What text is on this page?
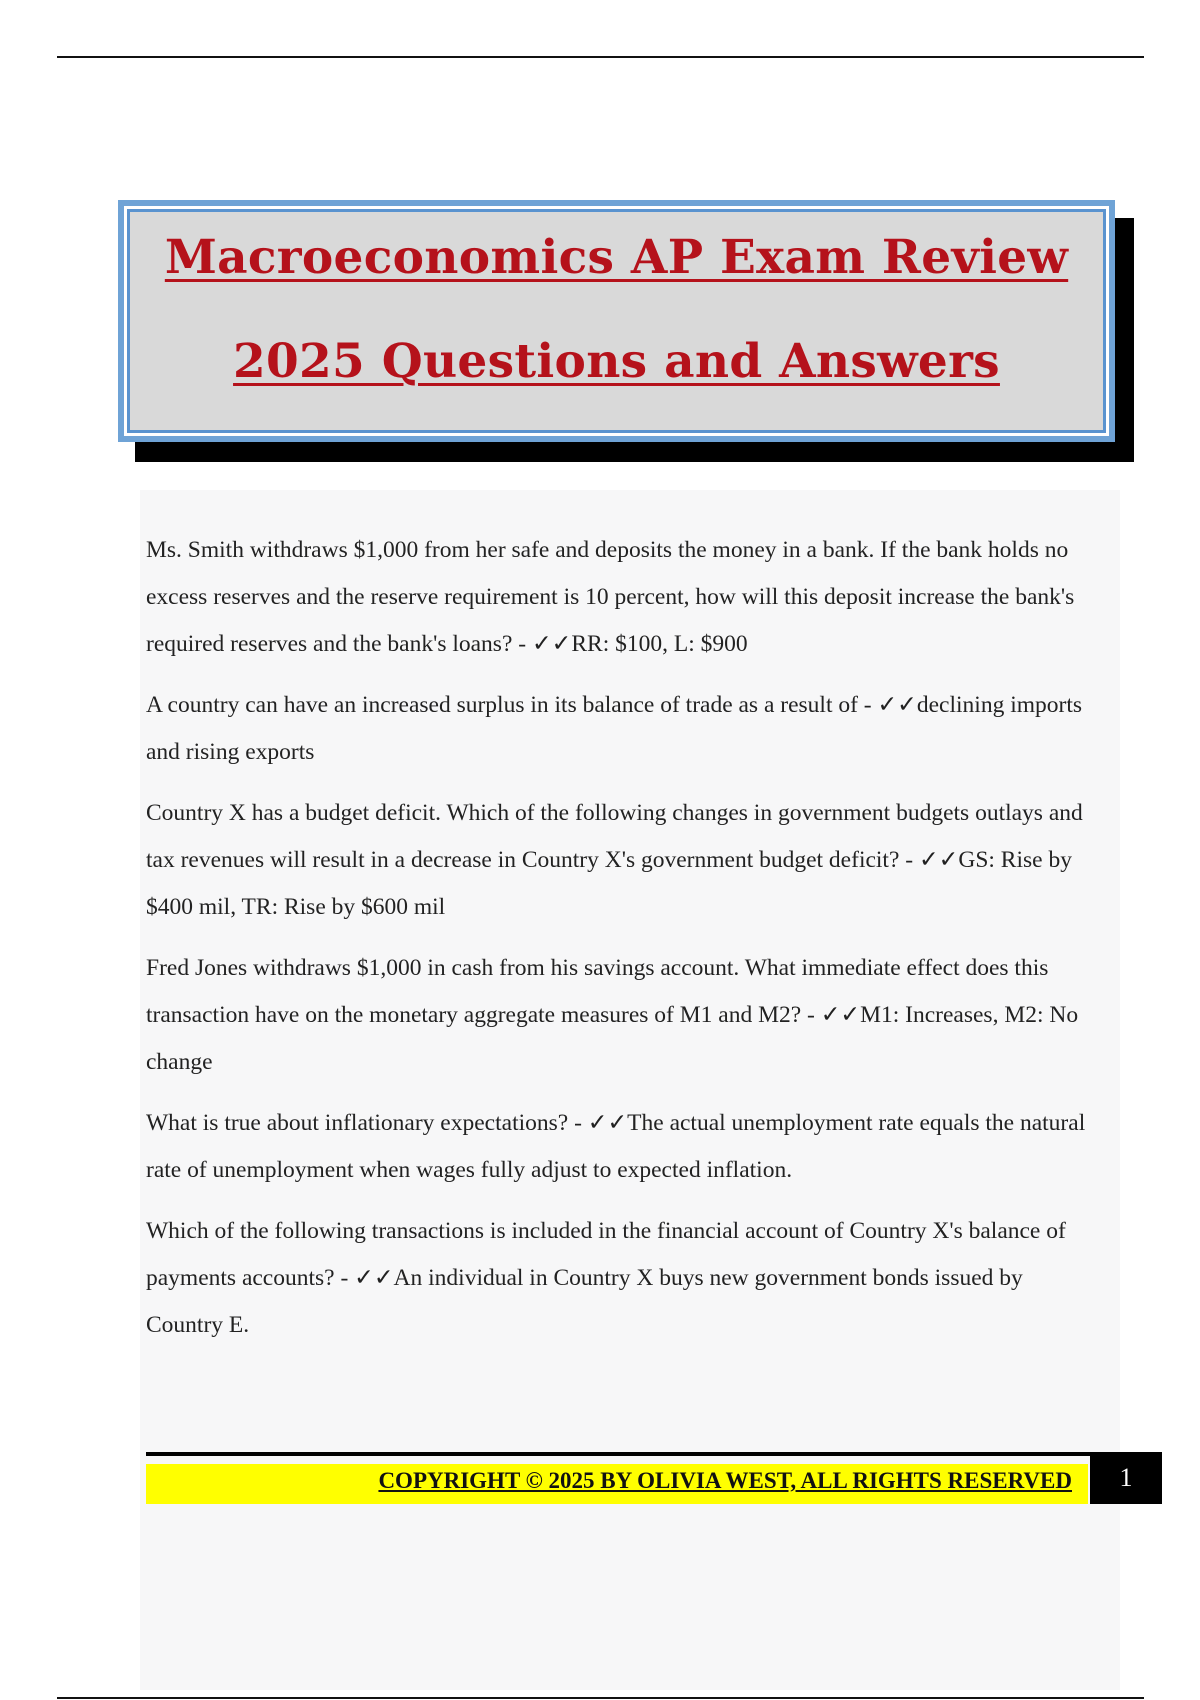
Macroeconomics AP Exam Review
2025 Questions and Answers

Ms. Smith withdraws $1,000 from her safe and deposits the money in a bank. If the bank holds no excess reserves and the reserve requirement is 10 percent, how will this deposit increase the bank's required reserves and the bank's loans? - ✓✓RR: $100, L: $900

A country can have an increased surplus in its balance of trade as a result of - ✓✓declining imports and rising exports

Country X has a budget deficit. Which of the following changes in government budgets outlays and tax revenues will result in a decrease in Country X's government budget deficit? - ✓✓GS: Rise by $400 mil, TR: Rise by $600 mil

Fred Jones withdraws $1,000 in cash from his savings account. What immediate effect does this transaction have on the monetary aggregate measures of M1 and M2? - ✓✓M1: Increases, M2: No change

What is true about inflationary expectations? - ✓✓The actual unemployment rate equals the natural rate of unemployment when wages fully adjust to expected inflation.

Which of the following transactions is included in the financial account of Country X's balance of payments accounts? - ✓✓An individual in Country X buys new government bonds issued by Country E.

COPYRIGHT © 2025 BY OLIVIA WEST, ALL RIGHTS RESERVED	1
